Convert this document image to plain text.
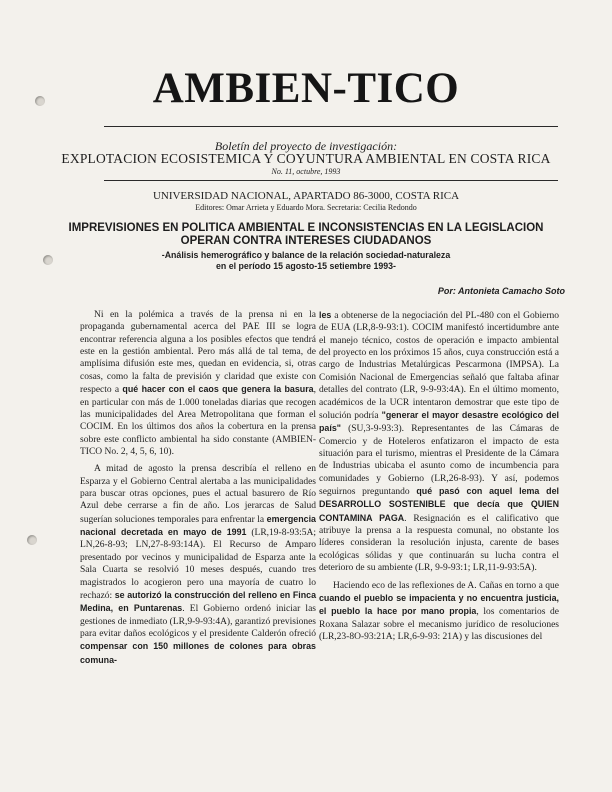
AMBIEN-TICO
Boletín del proyecto de investigación:
EXPLOTACION ECOSISTEMICA Y COYUNTURA AMBIENTAL EN COSTA RICA
No. 11, octubre, 1993
UNIVERSIDAD NACIONAL, APARTADO 86-3000, COSTA RICA
Editores: Omar Arrieta y Eduardo Mora. Secretaria: Cecilia Redondo
IMPREVISIONES EN POLITICA AMBIENTAL E INCONSISTENCIAS EN LA LEGISLACION
OPERAN CONTRA INTERESES CIUDADANOS
-Análisis hemerográfico y balance de la relación sociedad-naturaleza
en el período 15 agosto-15 setiembre 1993-
Por: Antonieta Camacho Soto

Ni en la polémica a través de la prensa ni en la propaganda gubernamental acerca del PAE III se logra encontrar referencia alguna a los posibles efectos que tendrá este en la gestión ambiental. Pero más allá de tal tema, de amplísima difusión este mes, quedan en evidencia, si, otras cosas, como la falta de previsión y claridad que existe con respecto a qué hacer con el caos que genera la basura, en particular con más de 1.000 toneladas diarias que recogen las municipalidades del Area Metropolitana que forman el COCIM. En los últimos dos años la cobertura en la prensa sobre este conflicto ambiental ha sido constante (AMBIEN-TICO No. 2, 4, 5, 6, 10).

A mitad de agosto la prensa describía el relleno en Esparza y el Gobierno Central alertaba a las municipalidades para buscar otras opciones, pues el actual basurero de Río Azul debe cerrarse a fin de año. Los jerarcas de Salud sugerían soluciones temporales para enfrentar la emergencia nacional decretada en mayo de 1991 (LR,19-8-93:5A; LN,26-8-93; LN,27-8-93:14A). El Recurso de Amparo presentado por vecinos y municipalidad de Esparza ante la Sala Cuarta se resolvió 10 meses después, cuando tres magistrados lo acogieron pero una mayoría de cuatro lo rechazó: se autorizó la construcción del relleno en Finca Medina, en Puntarenas. El Gobierno ordenó iniciar las gestiones de inmediato (LR,9-9-93:4A), garantizó previsiones para evitar daños ecológicos y el presidente Calderón ofreció compensar con 150 millones de colones para obras comuna-

les a obtenerse de la negociación del PL-480 con el Gobierno de EUA (LR,8-9-93:1). COCIM manifestó incertidumbre ante el manejo técnico, costos de operación e impacto ambiental del proyecto en los próximos 15 años, cuya construcción está a cargo de Industrias Metalúrgicas Pescarmona (IMPSA). La Comisión Nacional de Emergencias señaló que faltaba afinar detalles del contrato (LR, 9-9-93:4A). En el último momento, académicos de la UCR intentaron demostrar que este tipo de solución podría "generar el mayor desastre ecológico del país" (SU,3-9-93:3). Representantes de las Cámaras de Comercio y de Hoteleros enfatizaron el impacto de esta situación para el turismo, mientras el Presidente de la Cámara de Industrias ubicaba el asunto como de incumbencia para comunidades y Gobierno (LR,26-8-93). Y así, podemos seguirnos preguntando qué pasó con aquel lema del DESARROLLO SOSTENIBLE que decía que QUIEN CONTAMINA PAGA. Resignación es el calificativo que atribuye la prensa a la respuesta comunal, no obstante los líderes consideran la resolución injusta, carente de bases ecológicas sólidas y que continuarán su lucha contra el deterioro de su ambiente (LR, 9-9-93:1; LR,11-9-93:5A).

Haciendo eco de las reflexiones de A. Cañas en torno a que cuando el pueblo se impacienta y no encuentra justicia, el pueblo la hace por mano propia, los comentarios de Roxana Salazar sobre el mecanismo jurídico de resoluciones (LR,23-8O-93:21A; LR,6-9-93: 21A) y las discusiones del
